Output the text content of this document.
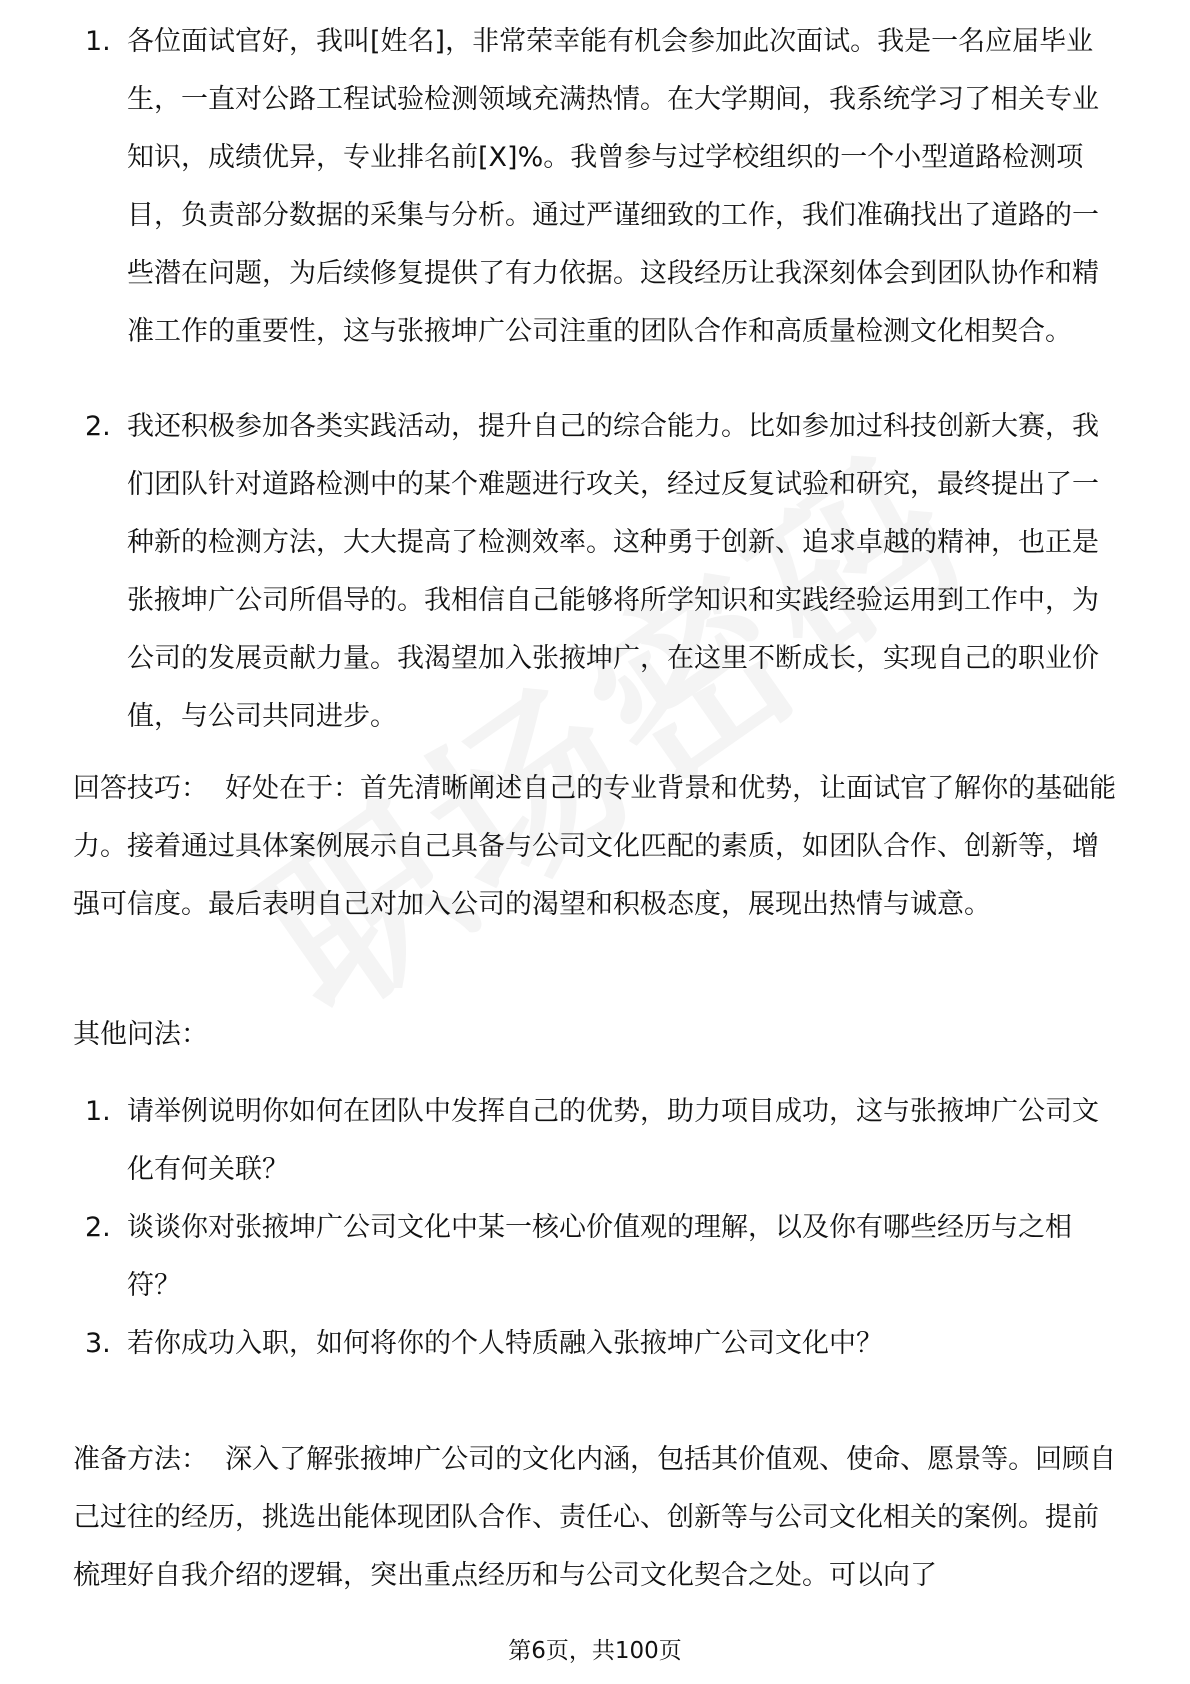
1. 各位面试官好，我叫[姓名]，非常荣幸能有机会参加此次面试。我是一名应届毕业生，一直对公路工程试验检测领域充满热情。在大学期间，我系统学习了相关专业知识，成绩优异，专业排名前[X]%。我曾参与过学校组织的一个小型道路检测项目，负责部分数据的采集与分析。通过严谨细致的工作，我们准确找出了道路的一些潜在问题，为后续修复提供了有力依据。这段经历让我深刻体会到团队协作和精准工作的重要性，这与张掖坤广公司注重的团队合作和高质量检测文化相契合。
2. 我还积极参加各类实践活动，提升自己的综合能力。比如参加过科技创新大赛，我们团队针对道路检测中的某个难题进行攻关，经过反复试验和研究，最终提出了一种新的检测方法，大大提高了检测效率。这种勇于创新、追求卓越的精神，也正是张掖坤广公司所倡导的。我相信自己能够将所学知识和实践经验运用到工作中，为公司的发展贡献力量。我渴望加入张掖坤广，在这里不断成长，实现自己的职业价值，与公司共同进步。
回答技巧： 好处在于：首先清晰阐述自己的专业背景和优势，让面试官了解你的基础能力。接着通过具体案例展示自己具备与公司文化匹配的素质，如团队合作、创新等，增强可信度。最后表明自己对加入公司的渴望和积极态度，展现出热情与诚意。
其他问法：
1. 请举例说明你如何在团队中发挥自己的优势，助力项目成功，这与张掖坤广公司文化有何关联？
2. 谈谈你对张掖坤广公司文化中某一核心价值观的理解，以及你有哪些经历与之相符？
3. 若你成功入职，如何将你的个人特质融入张掖坤广公司文化中？
准备方法： 深入了解张掖坤广公司的文化内涵，包括其价值观、使命、愿景等。回顾自己过往的经历，挑选出能体现团队合作、责任心、创新等与公司文化相关的案例。提前梳理好自我介绍的逻辑，突出重点经历和与公司文化契合之处。可以向了
第6页，共100页
